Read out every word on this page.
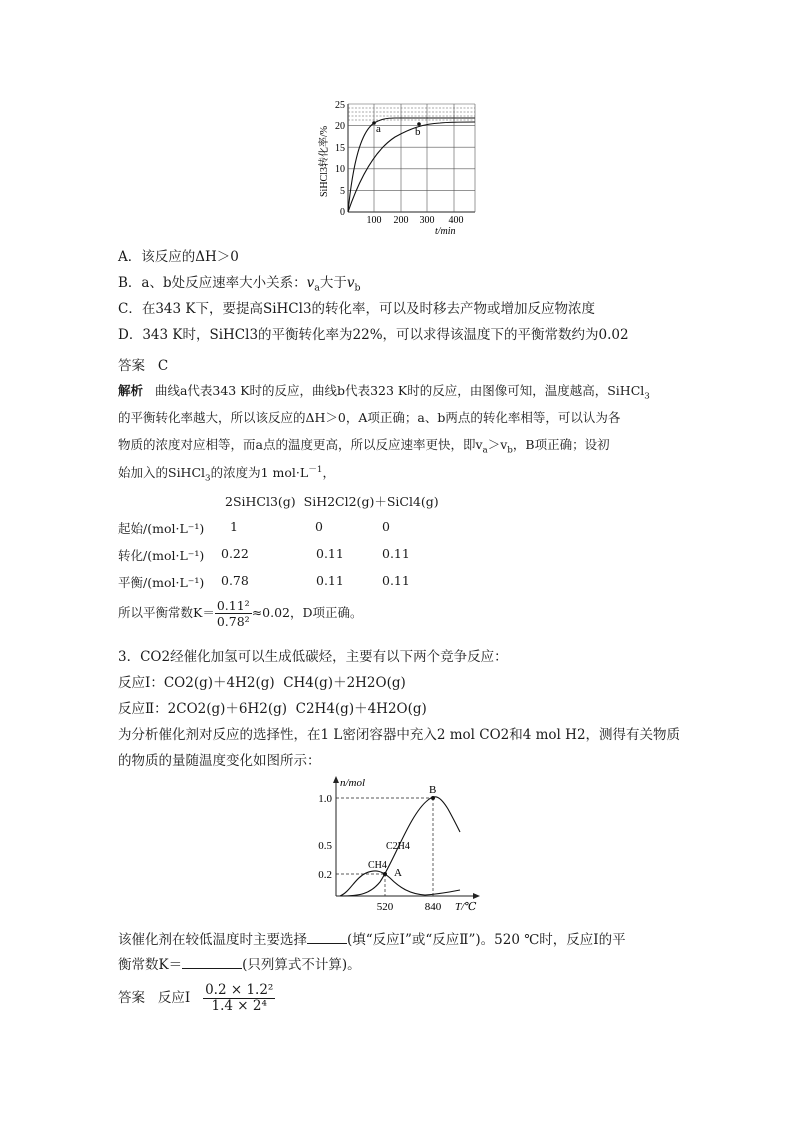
a	b
25
20
15
10
5
0
100 200 300 400
t/min
SiHCl3转化率/%
A．该反应的ΔH＞0
B．a、b处反应速率大小关系：$v_a$大于$v_b$
C．在343 K下，要提高SiHCl3的转化率，可以及时移去产物或增加反应物浓度
D．343 K时，SiHCl3的平衡转化率为22%，可以求得该温度下的平衡常数约为0.02
答案 C
解析 曲线a代表343 K时的反应，曲线b代表323 K时的反应，由图像可知，温度越高，SiHCl$_3$
的平衡转化率越大，所以该反应的ΔH＞0，A项正确；a、b两点的转化率相等，可以认为各
物质的浓度对应相等，而a点的温度更高，所以反应速率更快，即$v_a>v_b$，B项正确；设初
始加入的SiHCl$_3$的浓度为1 $mol\cdot L^{-1}$，
2SiHCl3(g)  SiH2Cl2(g)＋SiCl4(g)
起始/(mol·L⁻¹) 1	0	0
转化/(mol·L⁻¹) 0.22	0.11	0.11
平衡/(mol·L⁻¹) 0.78	0.11	0.11
所以平衡常数$K= \frac{\text{0.11²}}{\text{0.78²}} \approx 0.02$，D项正确。
3．CO2经催化加氢可以生成低碳烃，主要有以下两个竞争反应：
反应Ⅰ：CO2(g)＋4H2(g)  CH4(g)＋2H2O(g)
反应Ⅱ：2CO2(g)＋6H2(g)  C2H4(g)＋4H2O(g)
为分析催化剂对反应的选择性，在1 L密闭容器中充入2 mol CO2和4 mol H2，测得有关物质
的物质的量随温度变化如图所示：
n/mol
T/℃
1.0
0.5
0.2
520	840
B
A
C2H4
CH4
该催化剂在较低温度时主要选择	(填“反应Ⅰ”或“反应Ⅱ”)。520 ℃时，反应Ⅰ的平
衡常数K＝	(只列算式不计算)。
答案 反应Ⅰ $\frac{\text{0.2 × 1.2²}}{\text{1.4 × 2⁴}}$
